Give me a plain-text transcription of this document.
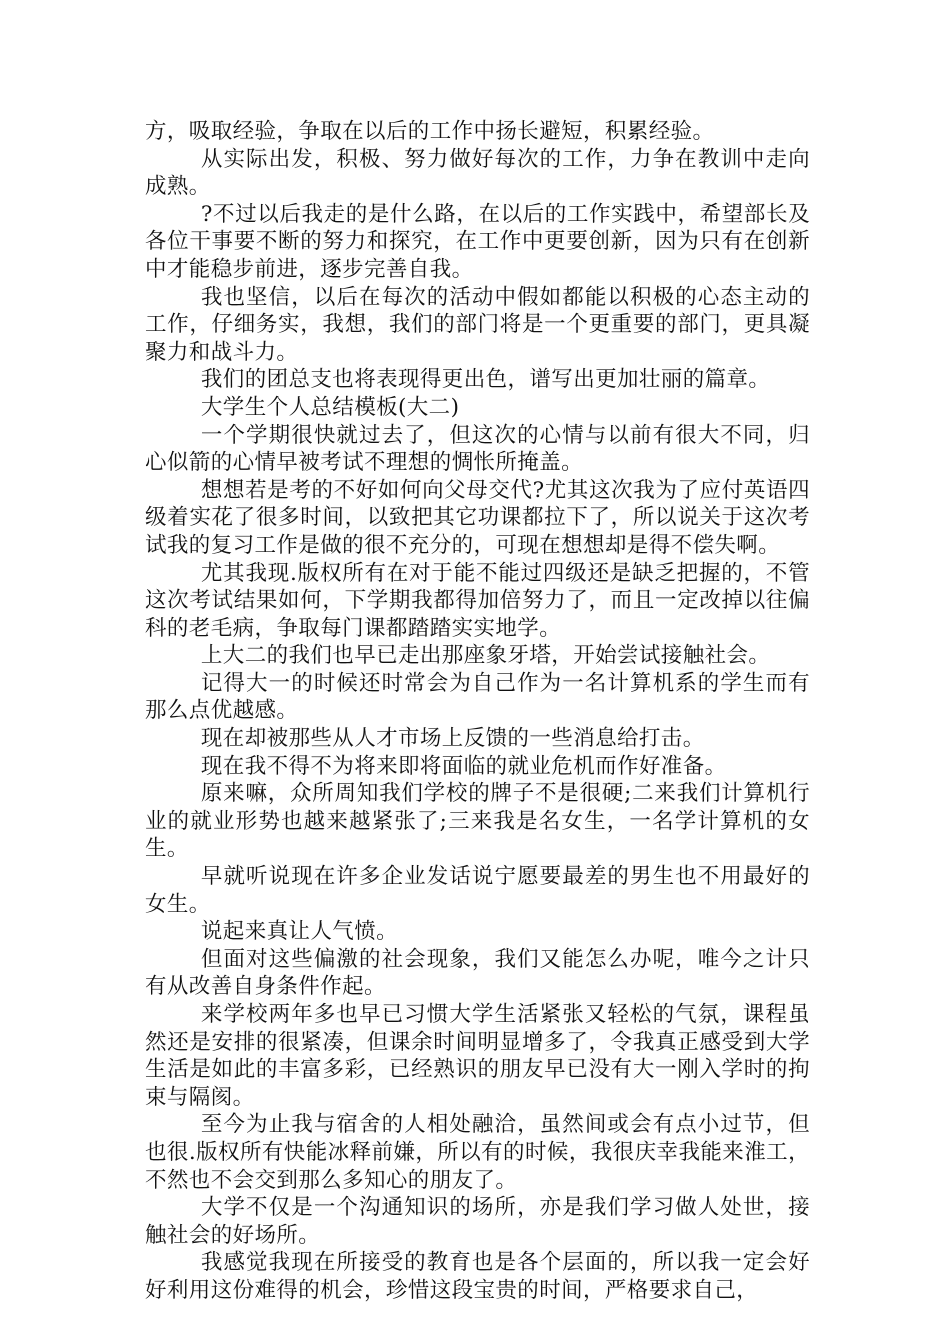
方，吸取经验，争取在以后的工作中扬长避短，积累经验。

从实际出发，积极、努力做好每次的工作，力争在教训中走向成熟。

?不过以后我走的是什么路，在以后的工作实践中，希望部长及各位干事要不断的努力和探究，在工作中更要创新，因为只有在创新中才能稳步前进，逐步完善自我。

我也坚信，以后在每次的活动中假如都能以积极的心态主动的工作，仔细务实，我想，我们的部门将是一个更重要的部门，更具凝聚力和战斗力。

我们的团总支也将表现得更出色，谱写出更加壮丽的篇章。

大学生个人总结模板(大二)

一个学期很快就过去了，但这次的心情与以前有很大不同，归心似箭的心情早被考试不理想的惆怅所掩盖。

想想若是考的不好如何向父母交代?尤其这次我为了应付英语四级着实花了很多时间，以致把其它功课都拉下了，所以说关于这次考试我的复习工作是做的很不充分的，可现在想想却是得不偿失啊。

尤其我现.版权所有在对于能不能过四级还是缺乏把握的，不管这次考试结果如何，下学期我都得加倍努力了，而且一定改掉以往偏科的老毛病，争取每门课都踏踏实实地学。

上大二的我们也早已走出那座象牙塔，开始尝试接触社会。

记得大一的时候还时常会为自己作为一名计算机系的学生而有那么点优越感。

现在却被那些从人才市场上反馈的一些消息给打击。

现在我不得不为将来即将面临的就业危机而作好准备。

原来嘛，众所周知我们学校的牌子不是很硬;二来我们计算机行业的就业形势也越来越紧张了;三来我是名女生，一名学计算机的女生。

早就听说现在许多企业发话说宁愿要最差的男生也不用最好的女生。

说起来真让人气愤。

但面对这些偏激的社会现象，我们又能怎么办呢，唯今之计只有从改善自身条件作起。

来学校两年多也早已习惯大学生活紧张又轻松的气氛，课程虽然还是安排的很紧凑，但课余时间明显增多了，令我真正感受到大学生活是如此的丰富多彩，已经熟识的朋友早已没有大一刚入学时的拘束与隔阂。

至今为止我与宿舍的人相处融洽，虽然间或会有点小过节，但也很.版权所有快能冰释前嫌，所以有的时候，我很庆幸我能来淮工，不然也不会交到那么多知心的朋友了。

大学不仅是一个沟通知识的场所，亦是我们学习做人处世，接触社会的好场所。

我感觉我现在所接受的教育也是各个层面的，所以我一定会好好利用这份难得的机会，珍惜这段宝贵的时间，严格要求自己，
